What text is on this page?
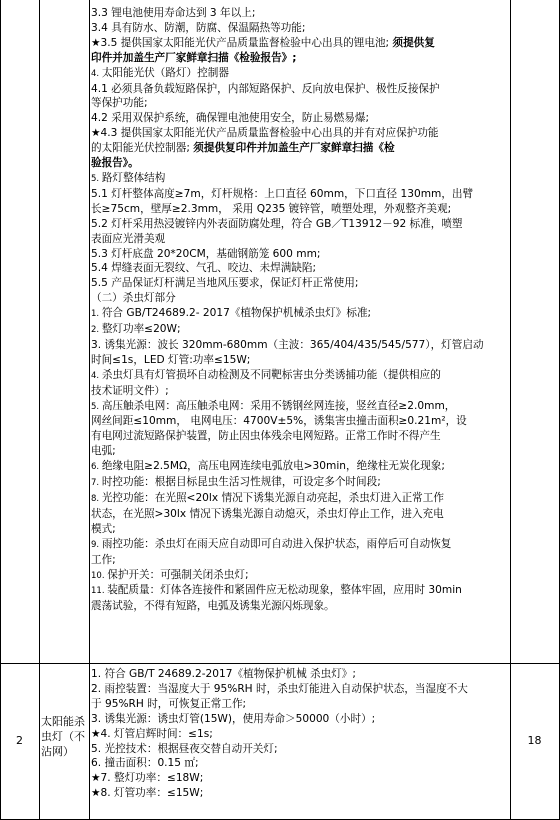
3.3 锂电池使用寿命达到 3 年以上;
3.4 具有防水、防潮，防腐、保温隔热等功能;
★3.5 提供国家太阳能光伏产品质量监督检验中心出具的锂电池; 须提供复
印件并加盖生产厂家鲜章扫描《检验报告》;
4. 太阳能光伏（路灯）控制器
4.1 必须具备负载短路保护，内部短路保护、反向放电保护、极性反接保护
等保护功能;
4.2 采用双保护系统，确保锂电池使用安全，防止易燃易爆;
★4.3 提供国家太阳能光伏产品质量监督检验中心出具的并有对应保护功能
的太阳能光伏控制器; 须提供复印件并加盖生产厂家鲜章扫描《检
验报告》。
5. 路灯整体结构
5.1 灯杆整体高度≥7m，灯杆规格：上口直径 60mm，下口直径 130mm，出臂
长≥75cm，壁厚≥2.3mm， 采用 Q235 镀锌管，喷塑处理，外观整齐美观;
5.2 灯杆采用热浸镀锌内外表面防腐处理，符合 GB／T13912－92 标准，喷塑
表面应光滑美观
5.3 灯杆底盘 20*20CM，基础钢筋笼 600 mm;
5.4 焊缝表面无裂纹、气孔、咬边、未焊满缺陷;
5.5 产品保证灯杆满足当地风压要求，保证灯杆正常使用;
（二）杀虫灯部分
1. 符合 GB/T24689.2- 2017《植物保护机械杀虫灯》标准;
2. 整灯功率≤20W;
3. 诱集光源：波长 320mm-680mm（主波：365/404/435/545/577），灯管启动
时间≤1s，LED 灯管:功率≤15W;
4. 杀虫灯具有灯管损坏自动检测及不同靶标害虫分类诱捕功能（提供相应的
技术证明文件）;
5. 高压触杀电网：高压触杀电网：采用不锈钢丝网连接，竖丝直径≥2.0mm，
网丝间距≤10mm， 电网电压：4700V±5%，诱集害虫撞击面积≥0.21m²，设
有电网过流短路保护装置，防止因虫体残余电网短路。正常工作时不得产生
电弧;
6. 绝缘电阻≥2.5MΩ，高压电网连续电弧放电>30min，绝缘柱无炭化现象;
7. 时控功能：根据目标昆虫生活习性规律，可设定多个时间段;
8. 光控功能：在光照<20lx 情况下诱集光源自动亮起，杀虫灯进入正常工作
状态，在光照>30lx 情况下诱集光源自动熄灭，杀虫灯停止工作，进入充电
模式;
9. 雨控功能：杀虫灯在雨天应自动即可自动进入保护状态，雨停后可自动恢复
工作;
10. 保护开关：可强制关闭杀虫灯;
11. 装配质量：灯体各连接件和紧固件应无松动现象，整体牢固，应用时 30min
震荡试验，不得有短路，电弧及诱集光源闪烁现象。
2
太阳能杀
虫灯（不
沾网）
1. 符合 GB/T 24689.2-2017《植物保护机械 杀虫灯》;
2. 雨控装置：当湿度大于 95%RH 时，杀虫灯能进入自动保护状态，当湿度不大
于 95%RH 时，可恢复正常工作;
3. 诱集光源：诱虫灯管(15W)，使用寿命＞50000（小时）;
★4. 灯管启辉时间：≤1s;
5. 光控技术：根据昼夜交替自动开关灯;
6. 撞击面积：0.15 ㎡;
★7. 整灯功率：≤18W;
★8. 灯管功率：≤15W;
18
